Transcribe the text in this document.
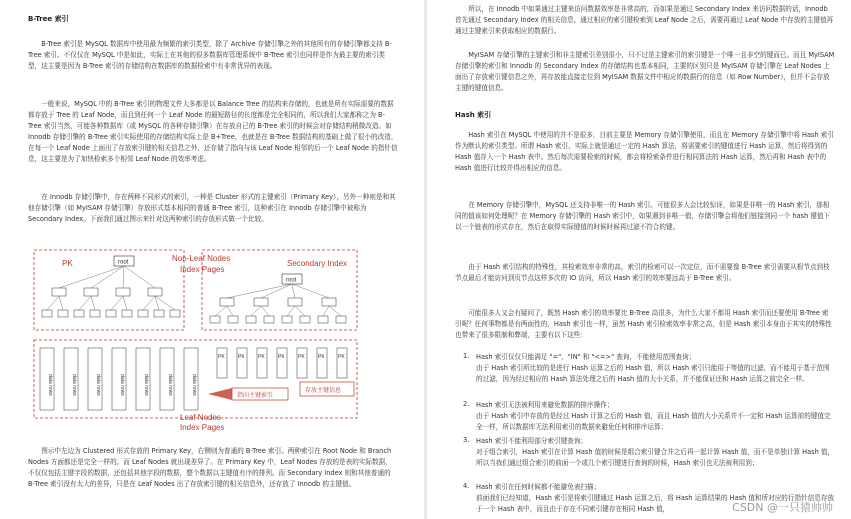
B-Tree 索引

B-Tree 索引是 MySQL 数据库中使用最为频繁的索引类型，除了 Archive 存储引擎之外的其他所有的存储引擎都支持 B-Tree 索引。不仅仅在 MySQL 中是如此，实际上在其他的很多数据库管理系统中 B-Tree 索引也同样是作为最主要的索引类型，这主要是因为 B-Tree 索引的存储结构在数据库的数据检索中有非常优异的表现。

一般来说，MySQL 中的 B-Tree 索引的物理文件大多都是以 Balance Tree 的结构来存储的，也就是所有实际需要的数据都存放于 Tree 的 Leaf Node，而且到任何一个 Leaf Node 的最短路径的长度都是完全相同的，所以我们大家都称之为 B-Tree 索引当然，可能各种数据库（或 MySQL 的各种存储引擎）在存放自己的 B-Tree 索引的时候会对存储结构稍微改造。如 Innodb 存储引擎的 B-Tree 索引实际使用的存储结构实际上是 B+Tree，也就是在 B-Tree 数据结构的基础上做了很小的改造，在每一个 Leaf Node 上面出了存放索引键的相关信息之外，还存储了指向与该 Leaf Node 相邻的后一个 Leaf Node 的指针信息，这主要是为了加快检索多个相邻 Leaf Node 的效率考虑。

在 Innodb 存储引擎中，存在两种不同形式的索引，一种是 Cluster 形式的主键索引（Primary Key），另外一种则是和其他存储引擎（如 MyISAM 存储引擎）存放形式基本相同的普通 B-Tree 索引，这种索引在 Innodb 存储引擎中被称为 Secondary Index。下面我们通过图示来针对这两种索引的存放形式做一个比较。

PK
Non-Leaf Nodes
Index Pages
Secondary Index
root
root
data rows	data rows	data rows	data rows	data rows	data rows	data rows
PK	PK	PK	PK	PK	PK	PK
指向主键索引
存放主键信息
Leaf Nodes
Index Pages

图示中左边为 Clustered 形式存放的 Primary Key，右侧则为普通的 B-Tree 索引。两种索引在 Root Node 和 Branch Nodes 方面都还是完全一样的。而 Leaf Nodes 就出现差异了。在 Primary Key 中，Leaf Nodes 存放的是表的实际数据，不仅仅包括主键字段的数据，还包括其他字段的数据，整个数据以主键值有序的排列。而 Secondary Index 则和其他普通的 B-Tree 索引没有太大的差异，只是在 Leaf Nodes 出了存放索引键的相关信息外，还存放了 Innodb 的主键值。

所以，在 Innodb 中如果通过主键来访问数据效率是非常高的，而如果是通过 Secondary Index 来访问数据的话，Innodb 首先通过 Secondary Index 的相关信息，通过相应的索引键检索到 Leaf Node 之后，需要再通过 Leaf Node 中存放的主键值再通过主键索引来获取相应的数据行。

MyISAM 存储引擎的主键索引和非主键索引差别很小，只不过是主键索引的索引键是一个唯一且非空的键而已。而且 MyISAM 存储引擎的索引和 Innodb 的 Secondary Index 的存储结构也基本相同，主要的区别只是 MyISAM 存储引擎在 Leaf Nodes 上面出了存放索引键信息之外，再存放能直接定位到 MyISAM 数据文件中相应的数据行的信息（如 Row Number），但并不会存放主键的键值信息。

Hash 索引

Hash 索引在 MySQL 中使用的并不是很多，目前主要是 Memory 存储引擎使用，而且在 Memory 存储引擎中将 Hash 索引作为默认的索引类型。所谓 Hash 索引，实际上就是通过一定的 Hash 算法，将需要索引的键值进行 Hash 运算，然后将得到的 Hash 值存入一个 Hash 表中。然后每次需要检索的时候，都会将检索条件进行相同算法的 Hash 运算，然后再和 Hash 表中的 Hash 值进行比较并得出相应的信息。

在 Memory 存储引擎中，MySQL 还支持非唯一的 Hash 索引。可能很多人会比较惊讶，如果是非唯一的 Hash 索引，那相同的值该如何处理呢？在 Memory 存储引擎的 Hash 索引中，如果遇到非唯一值，存储引擎会将他们链接到同一个 hash 键值下以一个链表的形式存在，然后在取得实际键值的时候时候再过滤不符合的键。

由于 Hash 索引结构的特殊性，其检索效率非常的高，索引的检索可以一次定位，而不需要像 B-Tree 索引需要从根节点到枝节点最后才能访问到页节点这样多次的 IO 访问，所以 Hash 索引的效率要远高于 B-Tree 索引。

可能很多人又会有疑问了，既然 Hash 索引的效率要比 B-Tree 高很多，为什么大家不都用 Hash 索引而还要使用 B-Tree 索引呢？任何事物都是有两面性的，Hash 索引也一样，虽然 Hash 索引检索效率非常之高，但是 Hash 索引本身由于其实的特殊性也带来了很多限制和弊端，主要有以下这些：

1. Hash 索引仅仅只能满足 "="，"IN" 和 "<=>" 查询，不能使用范围查询；

由于 Hash 索引所比较的是进行 Hash 运算之后的 Hash 值，所以 Hash 索引只能用于等值的过滤，而不能用于基于范围的过滤，因为经过相应的 Hash 算法处理之后的 Hash 值的大小关系，并不能保证还和 Hash 运算之前完全一样。

2. Hash 索引无法被利用来避免数据的排序操作；

由于 Hash 索引中存放的是经过 Hash 计算之后的 Hash 值，而且 Hash 值的大小关系并不一定和 Hash 运算前的键值完全一样，所以数据库无法利用索引的数据来避免任何和排序运算；

3. Hash 索引不能利用部分索引键查询；

对于组合索引，Hash 索引在计算 Hash 值的时候是组合索引键合并之后再一起计算 Hash 值，而不是单独计算 Hash 值，所以当我们通过组合索引的前面一个或几个索引键进行查询的时候，Hash 索引也无法被利用到；

4. Hash 索引在任何时候都不能避免表扫描；

前面我们已经知道，Hash 索引是将索引键通过 Hash 运算之后，将 Hash 运算结果的 Hash 值和所对应的行指针信息存放于一个 Hash 表中，而且由于存在不同索引键存在相同 Hash 值，	CSDN @一只猿帅帅
